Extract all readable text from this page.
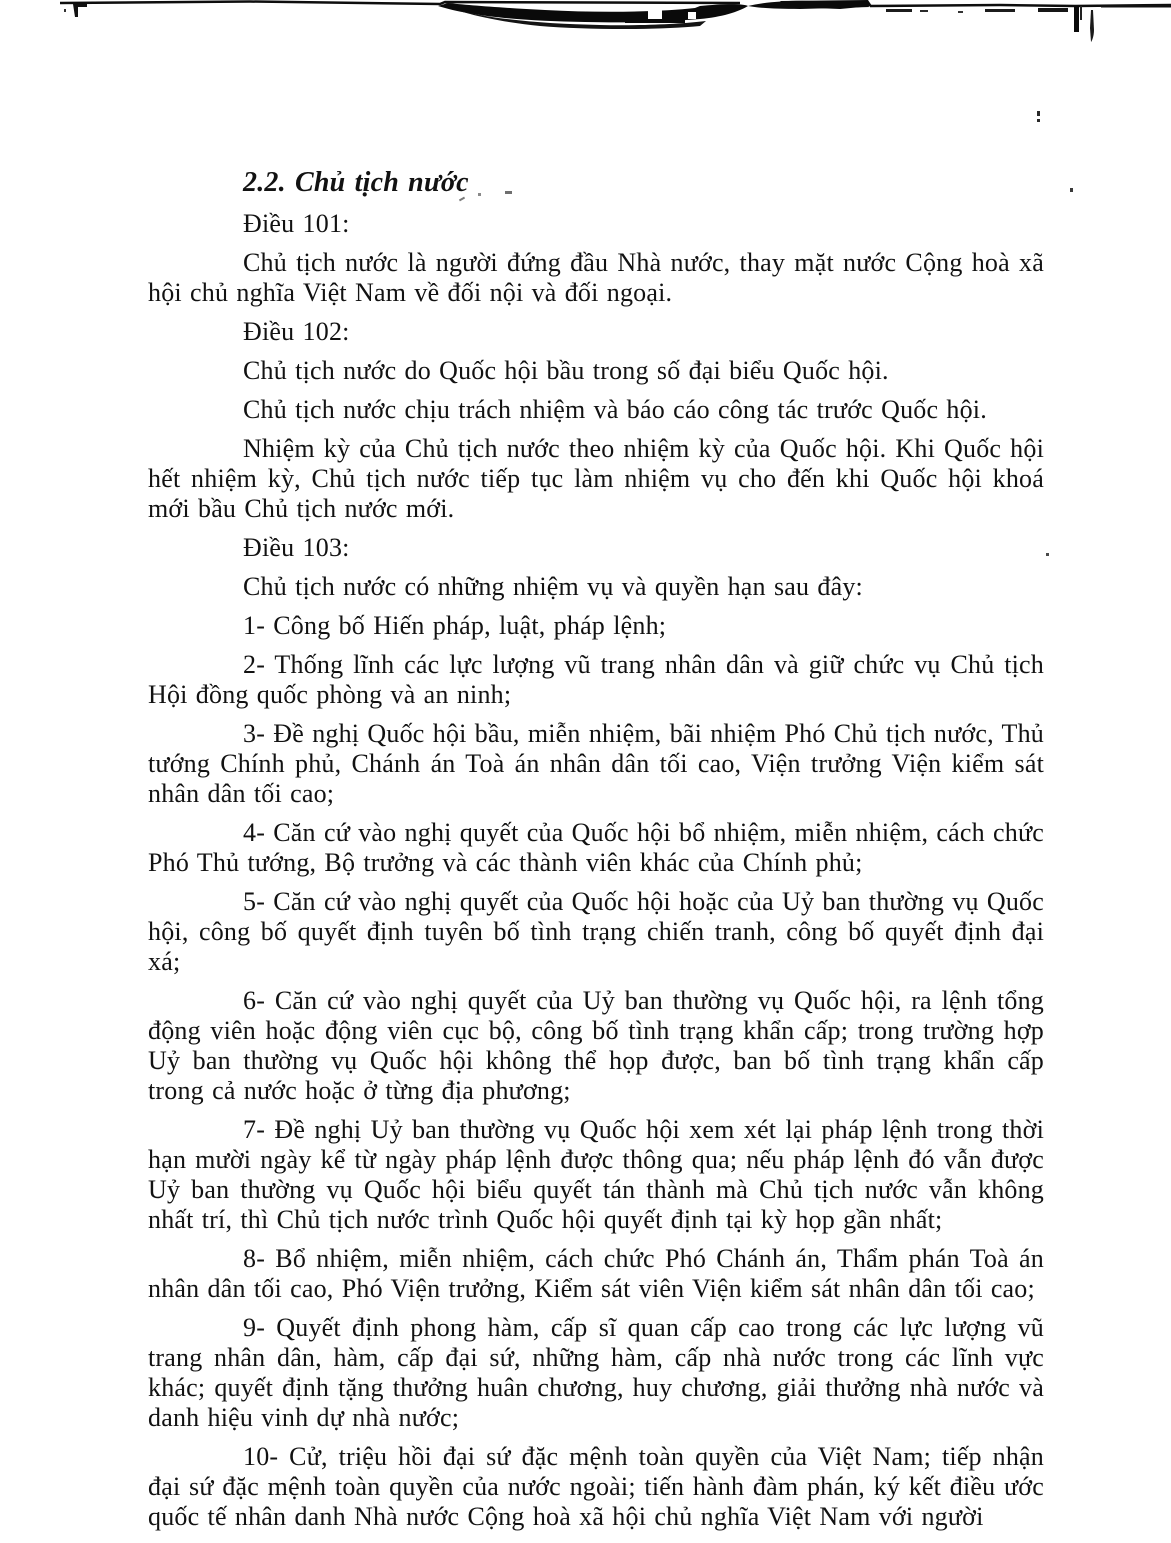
2.2. Chủ tịch nước

Điều 101:

Chủ tịch nước là người đứng đầu Nhà nước, thay mặt nước Cộng hoà xã hội chủ nghĩa Việt Nam về đối nội và đối ngoại.

Điều 102:

Chủ tịch nước do Quốc hội bầu trong số đại biểu Quốc hội.

Chủ tịch nước chịu trách nhiệm và báo cáo công tác trước Quốc hội.

Nhiệm kỳ của Chủ tịch nước theo nhiệm kỳ của Quốc hội. Khi Quốc hội hết nhiệm kỳ, Chủ tịch nước tiếp tục làm nhiệm vụ cho đến khi Quốc hội khoá mới bầu Chủ tịch nước mới.

Điều 103:

Chủ tịch nước có những nhiệm vụ và quyền hạn sau đây:

1- Công bố Hiến pháp, luật, pháp lệnh;

2- Thống lĩnh các lực lượng vũ trang nhân dân và giữ chức vụ Chủ tịch Hội đồng quốc phòng và an ninh;

3- Đề nghị Quốc hội bầu, miễn nhiệm, bãi nhiệm Phó Chủ tịch nước, Thủ tướng Chính phủ, Chánh án Toà án nhân dân tối cao, Viện trưởng Viện kiểm sát nhân dân tối cao;

4- Căn cứ vào nghị quyết của Quốc hội bổ nhiệm, miễn nhiệm, cách chức Phó Thủ tướng, Bộ trưởng và các thành viên khác của Chính phủ;

5- Căn cứ vào nghị quyết của Quốc hội hoặc của Uỷ ban thường vụ Quốc hội, công bố quyết định tuyên bố tình trạng chiến tranh, công bố quyết định đại xá;

6- Căn cứ vào nghị quyết của Uỷ ban thường vụ Quốc hội, ra lệnh tổng động viên hoặc động viên cục bộ, công bố tình trạng khẩn cấp; trong trường hợp Uỷ ban thường vụ Quốc hội không thể họp được, ban bố tình trạng khẩn cấp trong cả nước hoặc ở từng địa phương;

7- Đề nghị Uỷ ban thường vụ Quốc hội xem xét lại pháp lệnh trong thời hạn mười ngày kể từ ngày pháp lệnh được thông qua; nếu pháp lệnh đó vẫn được Uỷ ban thường vụ Quốc hội biểu quyết tán thành mà Chủ tịch nước vẫn không nhất trí, thì Chủ tịch nước trình Quốc hội quyết định tại kỳ họp gần nhất;

8- Bổ nhiệm, miễn nhiệm, cách chức Phó Chánh án, Thẩm phán Toà án nhân dân tối cao, Phó Viện trưởng, Kiểm sát viên Viện kiểm sát nhân dân tối cao;

9- Quyết định phong hàm, cấp sĩ quan cấp cao trong các lực lượng vũ trang nhân dân, hàm, cấp đại sứ, những hàm, cấp nhà nước trong các lĩnh vực khác; quyết định tặng thưởng huân chương, huy chương, giải thưởng nhà nước và danh hiệu vinh dự nhà nước;

10- Cử, triệu hồi đại sứ đặc mệnh toàn quyền của Việt Nam; tiếp nhận đại sứ đặc mệnh toàn quyền của nước ngoài; tiến hành đàm phán, ký kết điều ước quốc tế nhân danh Nhà nước Cộng hoà xã hội chủ nghĩa Việt Nam với người
